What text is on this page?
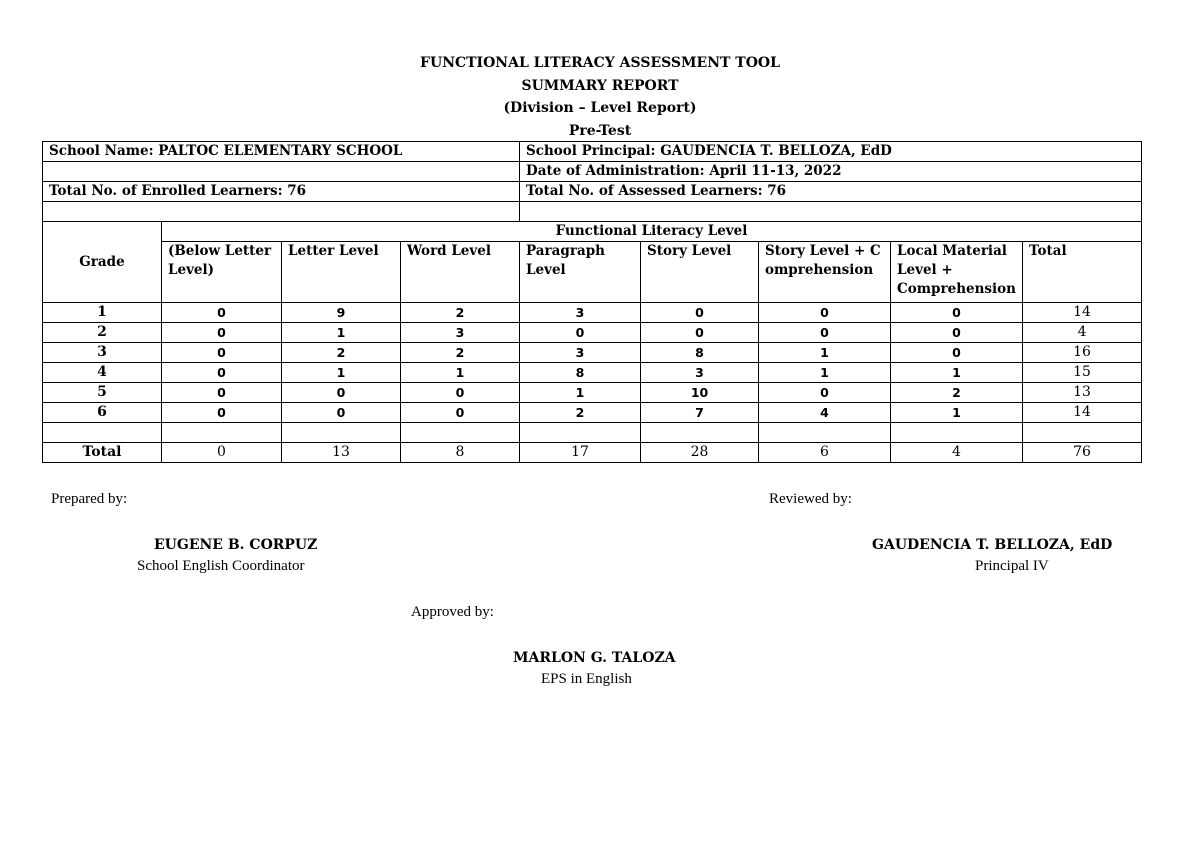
FUNCTIONAL LITERACY ASSESSMENT TOOL
SUMMARY REPORT
(Division – Level Report)
Pre-Test
School Name: PALTOC ELEMENTARY SCHOOL				School Principal: GAUDENCIA T. BELLOZA, EdD				
				Date of Administration: April 11-13, 2022				
Total No. of Enrolled Learners: 76				Total No. of Assessed Learners: 76				

Grade	Functional Literacy Level							
	(Below Letter Level)	Letter Level	Word Level	Paragraph Level	Story Level	Story Level + Comprehension	Local Material Level + Comprehension	Total
1	0	9	2	3	0	0	0	14
2	0	1	3	0	0	0	0	4
3	0	2	2	3	8	1	0	16
4	0	1	1	8	3	1	1	15
5	0	0	0	1	10	0	2	13
6	0	0	0	2	7	4	1	14

Total	0	13	8	17	28	6	4	76
Prepared by:
EUGENE B. CORPUZ
School English Coordinator
Reviewed by:
GAUDENCIA T. BELLOZA, EdD
Principal IV
Approved by:
MARLON G. TALOZA
EPS in English
